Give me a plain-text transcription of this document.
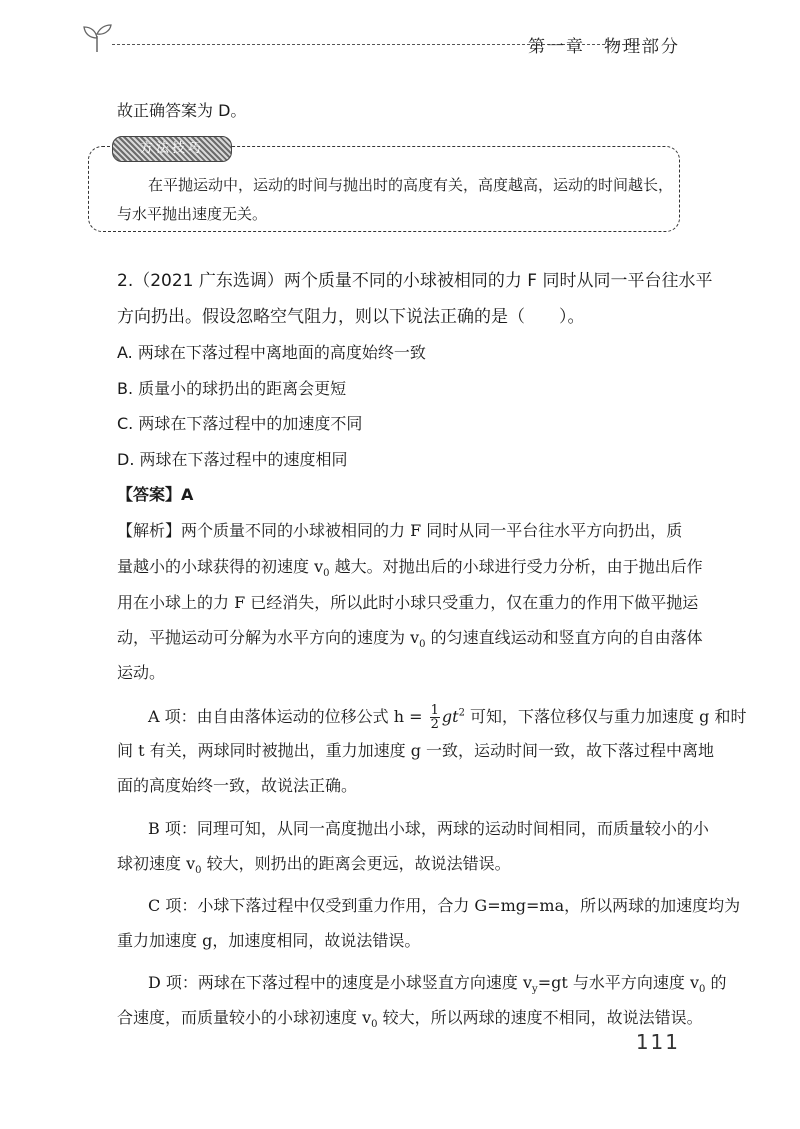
第一章　物理部分
故正确答案为 D。
方法技巧
在平抛运动中，运动的时间与抛出时的高度有关，高度越高，运动的时间越长，
与水平抛出速度无关。
2.（2021 广东选调）两个质量不同的小球被相同的力 F 同时从同一平台往水平
方向扔出。假设忽略空气阻力，则以下说法正确的是（　　）。
A. 两球在下落过程中离地面的高度始终一致
B. 质量小的球扔出的距离会更短
C. 两球在下落过程中的加速度不同
D. 两球在下落过程中的速度相同
【答案】A
【解析】两个质量不同的小球被相同的力 F 同时从同一平台往水平方向扔出，质
量越小的小球获得的初速度 $v_0$ 越大。对抛出后的小球进行受力分析，由于抛出后作
用在小球上的力 F 已经消失，所以此时小球只受重力，仅在重力的作用下做平抛运
动，平抛运动可分解为水平方向的速度为 $v_0$ 的匀速直线运动和竖直方向的自由落体
运动。
A 项：由自由落体运动的位移公式 $h = \frac{1}{2} gt^2$ 可知，下落位移仅与重力加速度 g 和时
间 t 有关，两球同时被抛出，重力加速度 g 一致，运动时间一致，故下落过程中离地
面的高度始终一致，故说法正确。
B 项：同理可知，从同一高度抛出小球，两球的运动时间相同，而质量较小的小
球初速度 $v_0$ 较大，则扔出的距离会更远，故说法错误。
C 项：小球下落过程中仅受到重力作用，合力 G=mg=ma，所以两球的加速度均为
重力加速度 g，加速度相同，故说法错误。
D 项：两球在下落过程中的速度是小球竖直方向速度 $v_y=gt$ 与水平方向速度 $v_0$ 的
合速度，而质量较小的小球初速度 $v_0$ 较大，所以两球的速度不相同，故说法错误。
111
